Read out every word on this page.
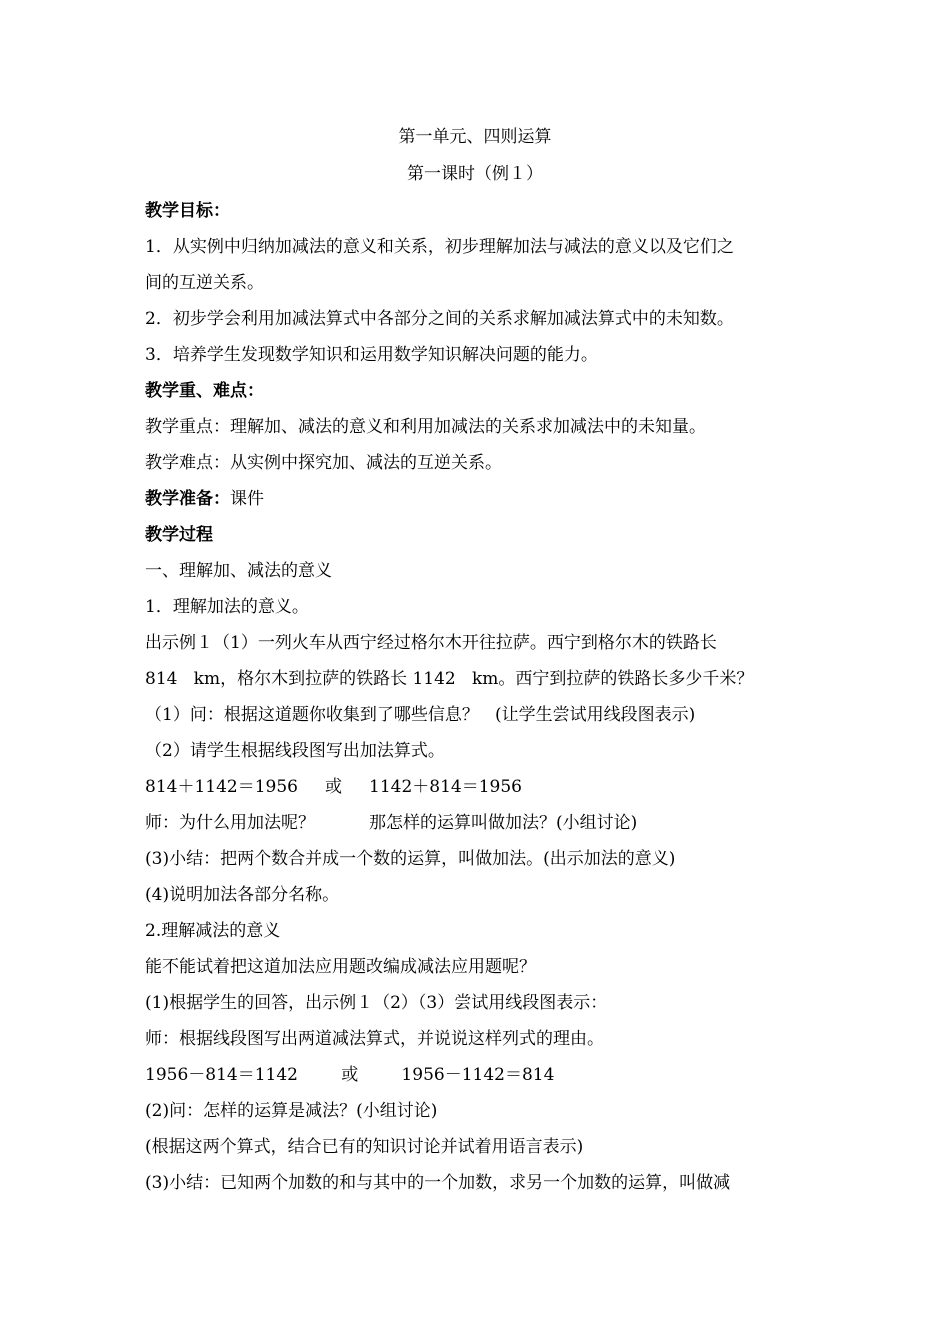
第一单元、四则运算
第一课时（例１）
教学目标：
1．从实例中归纳加减法的意义和关系，初步理解加法与减法的意义以及它们之
间的互逆关系。
2．初步学会利用加减法算式中各部分之间的关系求解加减法算式中的未知数。
3．培养学生发现数学知识和运用数学知识解决问题的能力。
教学重、难点：
教学重点：理解加、减法的意义和利用加减法的关系求加减法中的未知量。
教学难点：从实例中探究加、减法的互逆关系。
教学准备：课件
教学过程
一、理解加、减法的意义
1．理解加法的意义。
出示例１（1）一列火车从西宁经过格尔木开往拉萨。西宁到格尔木的铁路长
814   km，格尔木到拉萨的铁路长 1142   km。西宁到拉萨的铁路长多少千米？
（1）问：根据这道题你收集到了哪些信息？   (让学生尝试用线段图表示)
（2）请学生根据线段图写出加法算式。
814＋1142＝1956     或     1142＋814＝1956
师：为什么用加法呢？          那怎样的运算叫做加法？(小组讨论)
(3)小结：把两个数合并成一个数的运算，叫做加法。(出示加法的意义)
(4)说明加法各部分名称。
2.理解减法的意义
能不能试着把这道加法应用题改编成减法应用题呢？
(1)根据学生的回答，出示例１（2）（3）尝试用线段图表示：
师：根据线段图写出两道减法算式，并说说这样列式的理由。
1956－814＝1142        或        1956－1142＝814
(2)问：怎样的运算是减法？(小组讨论)
(根据这两个算式，结合已有的知识讨论并试着用语言表示)
(3)小结：已知两个加数的和与其中的一个加数，求另一个加数的运算，叫做减
